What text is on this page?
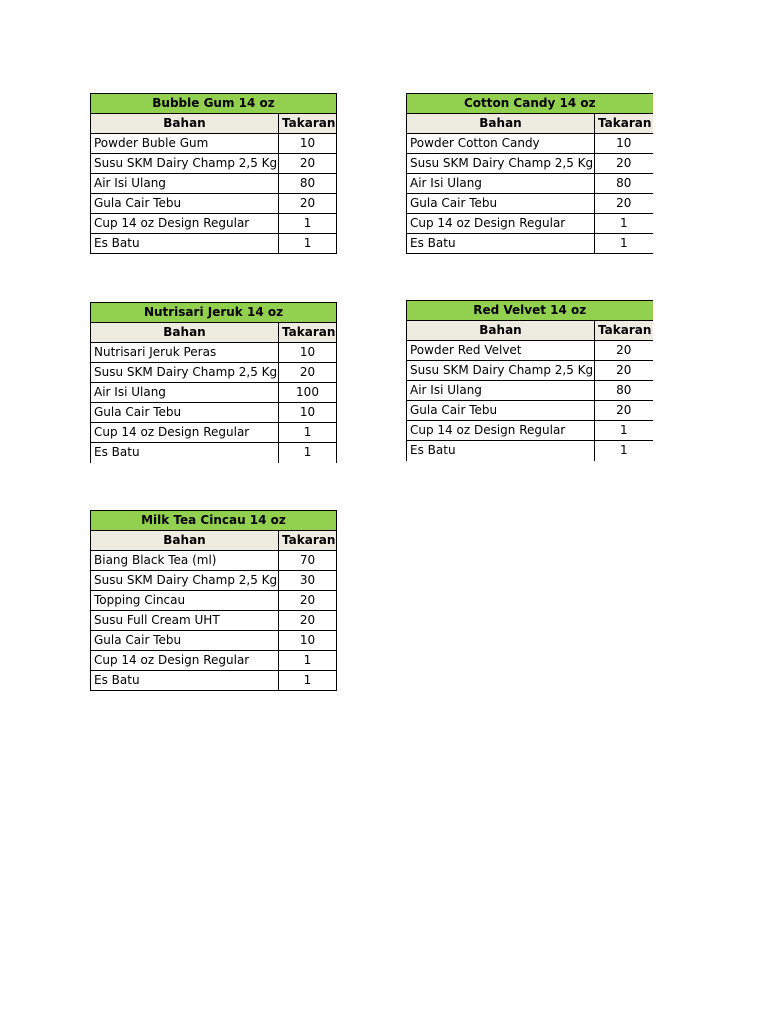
Bubble Gum 14 oz	
Bahan	Takaran
Powder Buble Gum	10
Susu SKM Dairy Champ 2,5 Kg	20
Air Isi Ulang	80
Gula Cair Tebu	20
Cup 14 oz Design Regular	1
Es Batu	1
Cotton Candy 14 oz	
Bahan	Takaran
Powder Cotton Candy	10
Susu SKM Dairy Champ 2,5 Kg	20
Air Isi Ulang	80
Gula Cair Tebu	20
Cup 14 oz Design Regular	1
Es Batu	1
Nutrisari Jeruk 14 oz	
Bahan	Takaran
Nutrisari Jeruk Peras	10
Susu SKM Dairy Champ 2,5 Kg	20
Air Isi Ulang	100
Gula Cair Tebu	10
Cup 14 oz Design Regular	1
Es Batu	1
Red Velvet 14 oz	
Bahan	Takaran
Powder Red Velvet	20
Susu SKM Dairy Champ 2,5 Kg	20
Air Isi Ulang	80
Gula Cair Tebu	20
Cup 14 oz Design Regular	1
Es Batu	1
Milk Tea Cincau 14 oz	
Bahan	Takaran
Biang Black Tea (ml)	70
Susu SKM Dairy Champ 2,5 Kg	30
Topping Cincau	20
Susu Full Cream UHT	20
Gula Cair Tebu	10
Cup 14 oz Design Regular	1
Es Batu	1
